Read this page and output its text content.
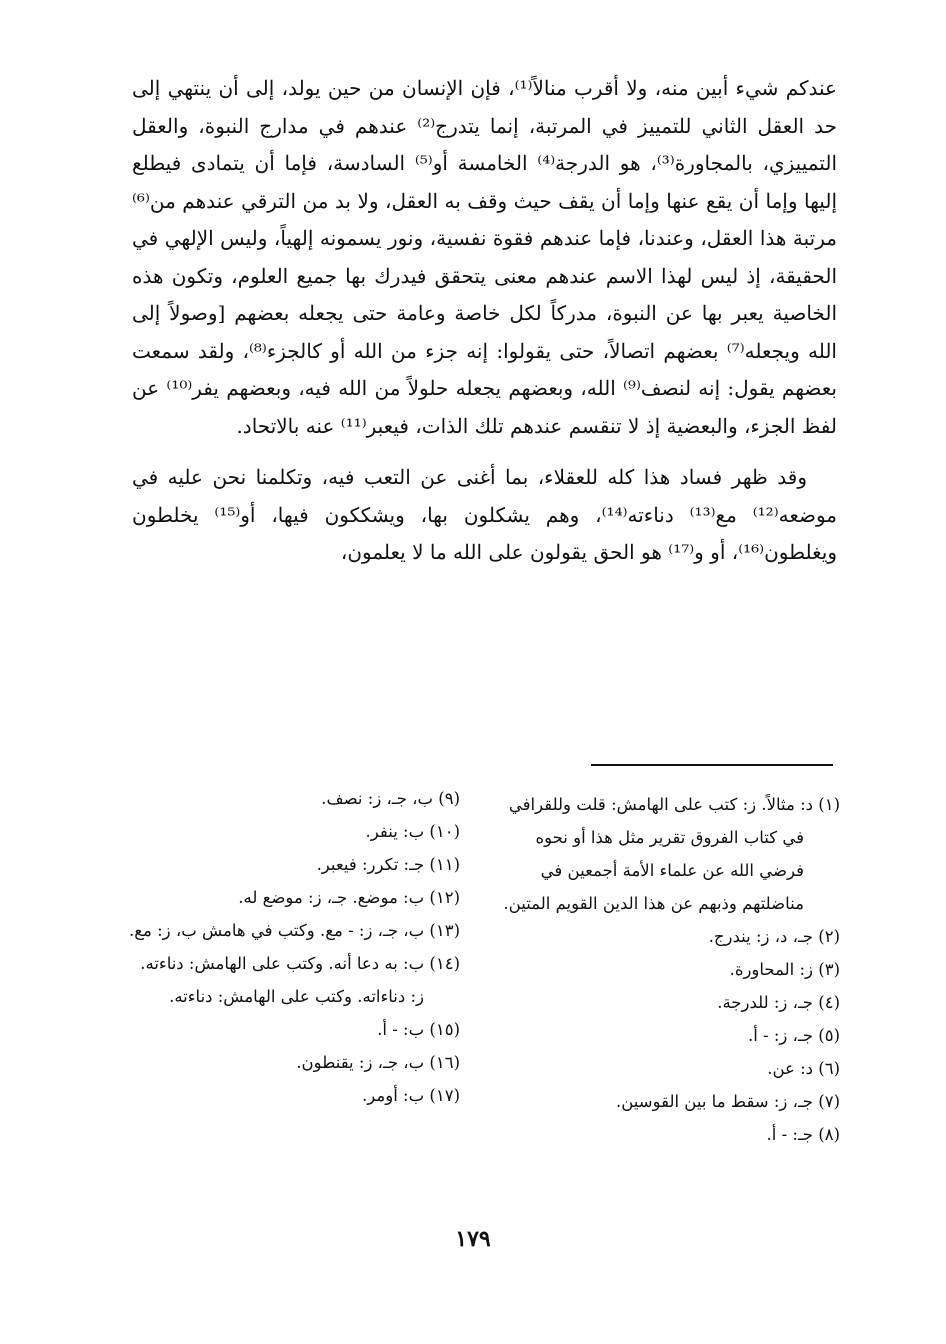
عندكم شيء أبين منه، ولا أقرب منالاً⁽¹⁾، فإن الإنسان من حين يولد، إلى أن ينتهي إلى حد العقل الثاني للتمييز في المرتبة، إنما يتدرج⁽²⁾ عندهم في مدارج النبوة، والعقل التمييزي، بالمجاورة⁽³⁾، هو الدرجة⁽⁴⁾ الخامسة أو⁽⁵⁾ السادسة، فإما أن يتمادى فيطلع إليها وإما أن يقع عنها وإما أن يقف حيث وقف به العقل، ولا بد من الترقي عندهم من⁽⁶⁾ مرتبة هذا العقل، وعندنا، فإما عندهم فقوة نفسية، ونور يسمونه إلهياً، وليس الإلهي في الحقيقة، إذ ليس لهذا الاسم عندهم معنى يتحقق فيدرك بها جميع العلوم، وتكون هذه الخاصية يعبر بها عن النبوة، مدركاً لكل خاصة وعامة حتى يجعله بعضهم [وصولاً إلى الله ويجعله⁽⁷⁾ بعضهم اتصالاً، حتى يقولوا: إنه جزء من الله أو كالجزء⁽⁸⁾، ولقد سمعت بعضهم يقول: إنه لنصف⁽⁹⁾ الله، وبعضهم يجعله حلولاً من الله فيه، وبعضهم يفر⁽¹⁰⁾ عن لفظ الجزء، والبعضية إذ لا تنقسم عندهم تلك الذات، فيعبر⁽¹¹⁾ عنه بالاتحاد.

وقد ظهر فساد هذا كله للعقلاء، بما أغنى عن التعب فيه، وتكلمنا نحن عليه في موضعه⁽¹²⁾ مع⁽¹³⁾ دناءته⁽¹⁴⁾، وهم يشكلون بها، ويشككون فيها، أو⁽¹⁵⁾ يخلطون ويغلطون⁽¹⁶⁾، أو و⁽¹⁷⁾ هو الحق يقولون على الله ما لا يعلمون،

(١) د: مثالاً. ز: كتب على الهامش: قلت وللقرافي في كتاب الفروق تقرير مثل هذا أو نحوه فرضي الله عن علماء الأمة أجمعين في مناضلتهم وذبهم عن هذا الدين القويم المتين.

(٢) جـ، د، ز: يندرج.

(٣) ز: المحاورة.

(٤) جـ، ز: للدرجة.

(٥) جـ، ز: - أ.

(٦) د: عن.

(٧) جـ، ز: سقط ما بين القوسين.

(٨) جـ: - أ.

(٩) ب، جـ، ز: نصف.

(١٠) ب: ينفر.

(١١) جـ: تكرر: فيعبر.

(١٢) ب: موضع. جـ، ز: موضع له.

(١٣) ب، جـ، ز: - مع. وكتب في هامش ب، ز: مع.

(١٤) ب: به دعا أنه. وكتب على الهامش: دناءته. ز: دناءاته. وكتب على الهامش: دناءته.

(١٥) ب: - أ.

(١٦) ب، جـ، ز: يقنطون.

(١٧) ب: أومر.

١٧٩
